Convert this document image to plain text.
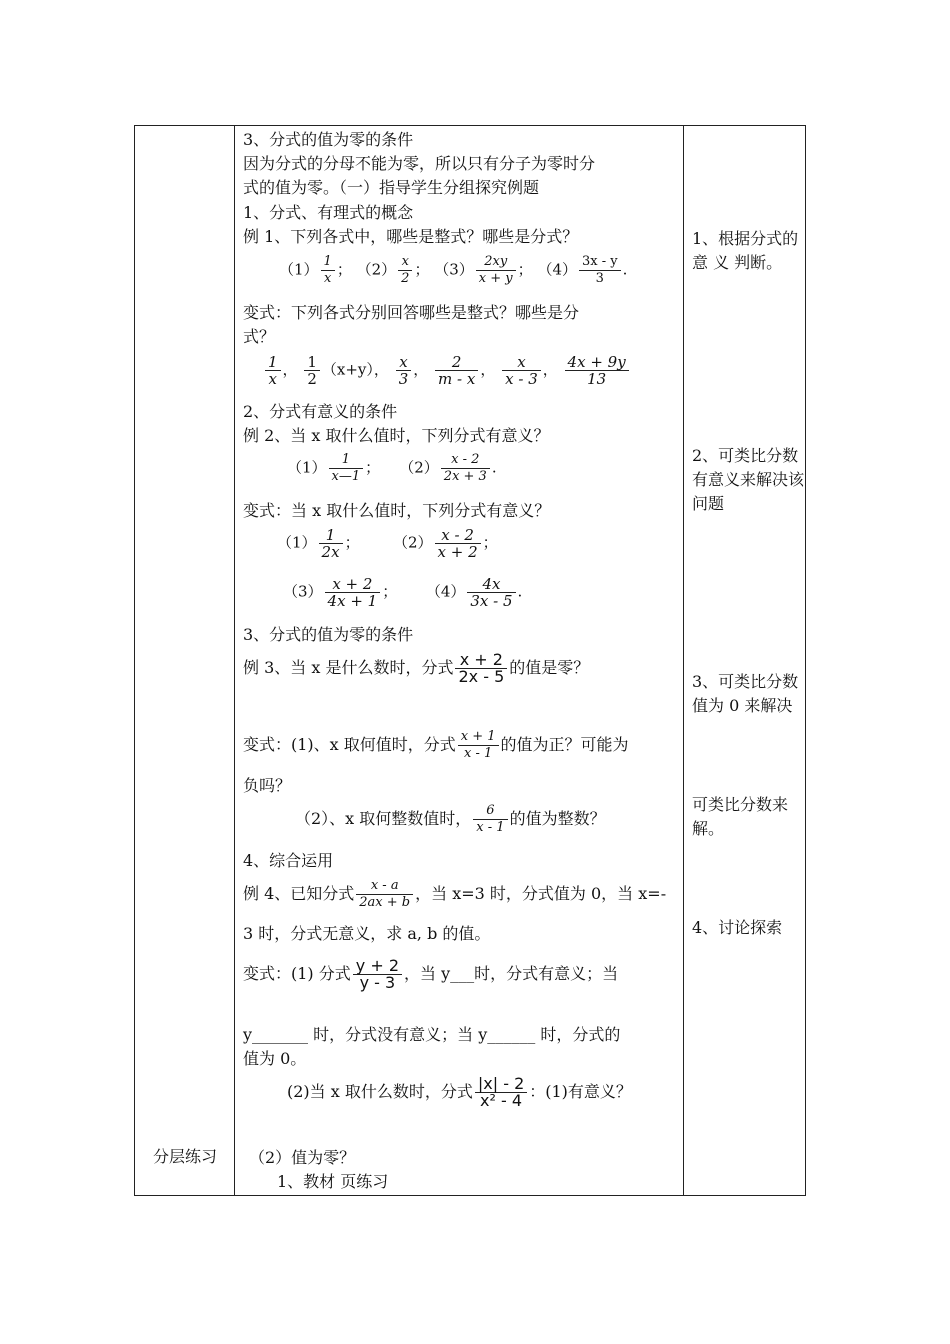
分层练习
3、分式的值为零的条件
因为分式的分母不能为零，所以只有分子为零时分
式的值为零。（一）指导学生分组探究例题
1、分式、有理式的概念
例 1、下列各式中，哪些是整式？哪些是分式？
$(1) \frac{1}{x}$ ； $(2) \frac{x}{2}$ ； $(3) \frac{2xy}{x + y}$ ； $(4) \frac{3x - y}{3}$ .
变式：下列各式分别回答哪些是整式？哪些是分
式？
$\frac{1}{x}$ ， $\frac{1}{2} (x+y)$， $\frac{x}{3}$ ， $\frac{2}{m - x}$ ， $\frac{x}{x - 3}$ ， $\frac{4x + 9y}{13}$
2、分式有意义的条件
例 2、当 x 取什么值时，下列分式有意义？
$(1) \frac{1}{x—1}$ ； $(2) \frac{x - 2}{2x + 3}$ .
变式：当 x 取什么值时，下列分式有意义？
$(1) \frac{1}{2x}$ ； $(2) \frac{x - 2}{x + 2}$ ；
$(3) \frac{x + 2}{4x + 1}$ ； $(4) \frac{4x}{3x - 5}$ .
3、分式的值为零的条件
例 3、当 x 是什么数时，分式 $\frac{x + 2}{2x - 5}$ 的值是零？
变式：(1)、x 取何值时，分式 $\frac{x + 1}{x - 1}$ 的值为正？可能为
负吗？
（2）、x 取何整数值时， $\frac{6}{x - 1}$ 的值为整数？
4、综合运用
例 4、已知分式 $\frac{x - a}{2ax + b}$ ，当 x=3 时，分式值为 0，当 x=-
3 时，分式无意义，求 a, b 的值。
变式：(1) 分式 $\frac{y + 2}{y - 3}$ ，当 y___时，分式有意义；当
y_______ 时，分式没有意义；当 y______ 时，分式的
值为 0。
(2)当 x 取什么数时，分式 $\frac{|x| - 2}{\text{x² - 4}}$ ：(1)有意义？
（2）值为零？
1、教材 页练习
1、根据分式的 意 义 判断。
2、可类比分数有意义来解决该问题
3、可类比分数值为 0 来解决
可类比分数来解。
4、讨论探索
